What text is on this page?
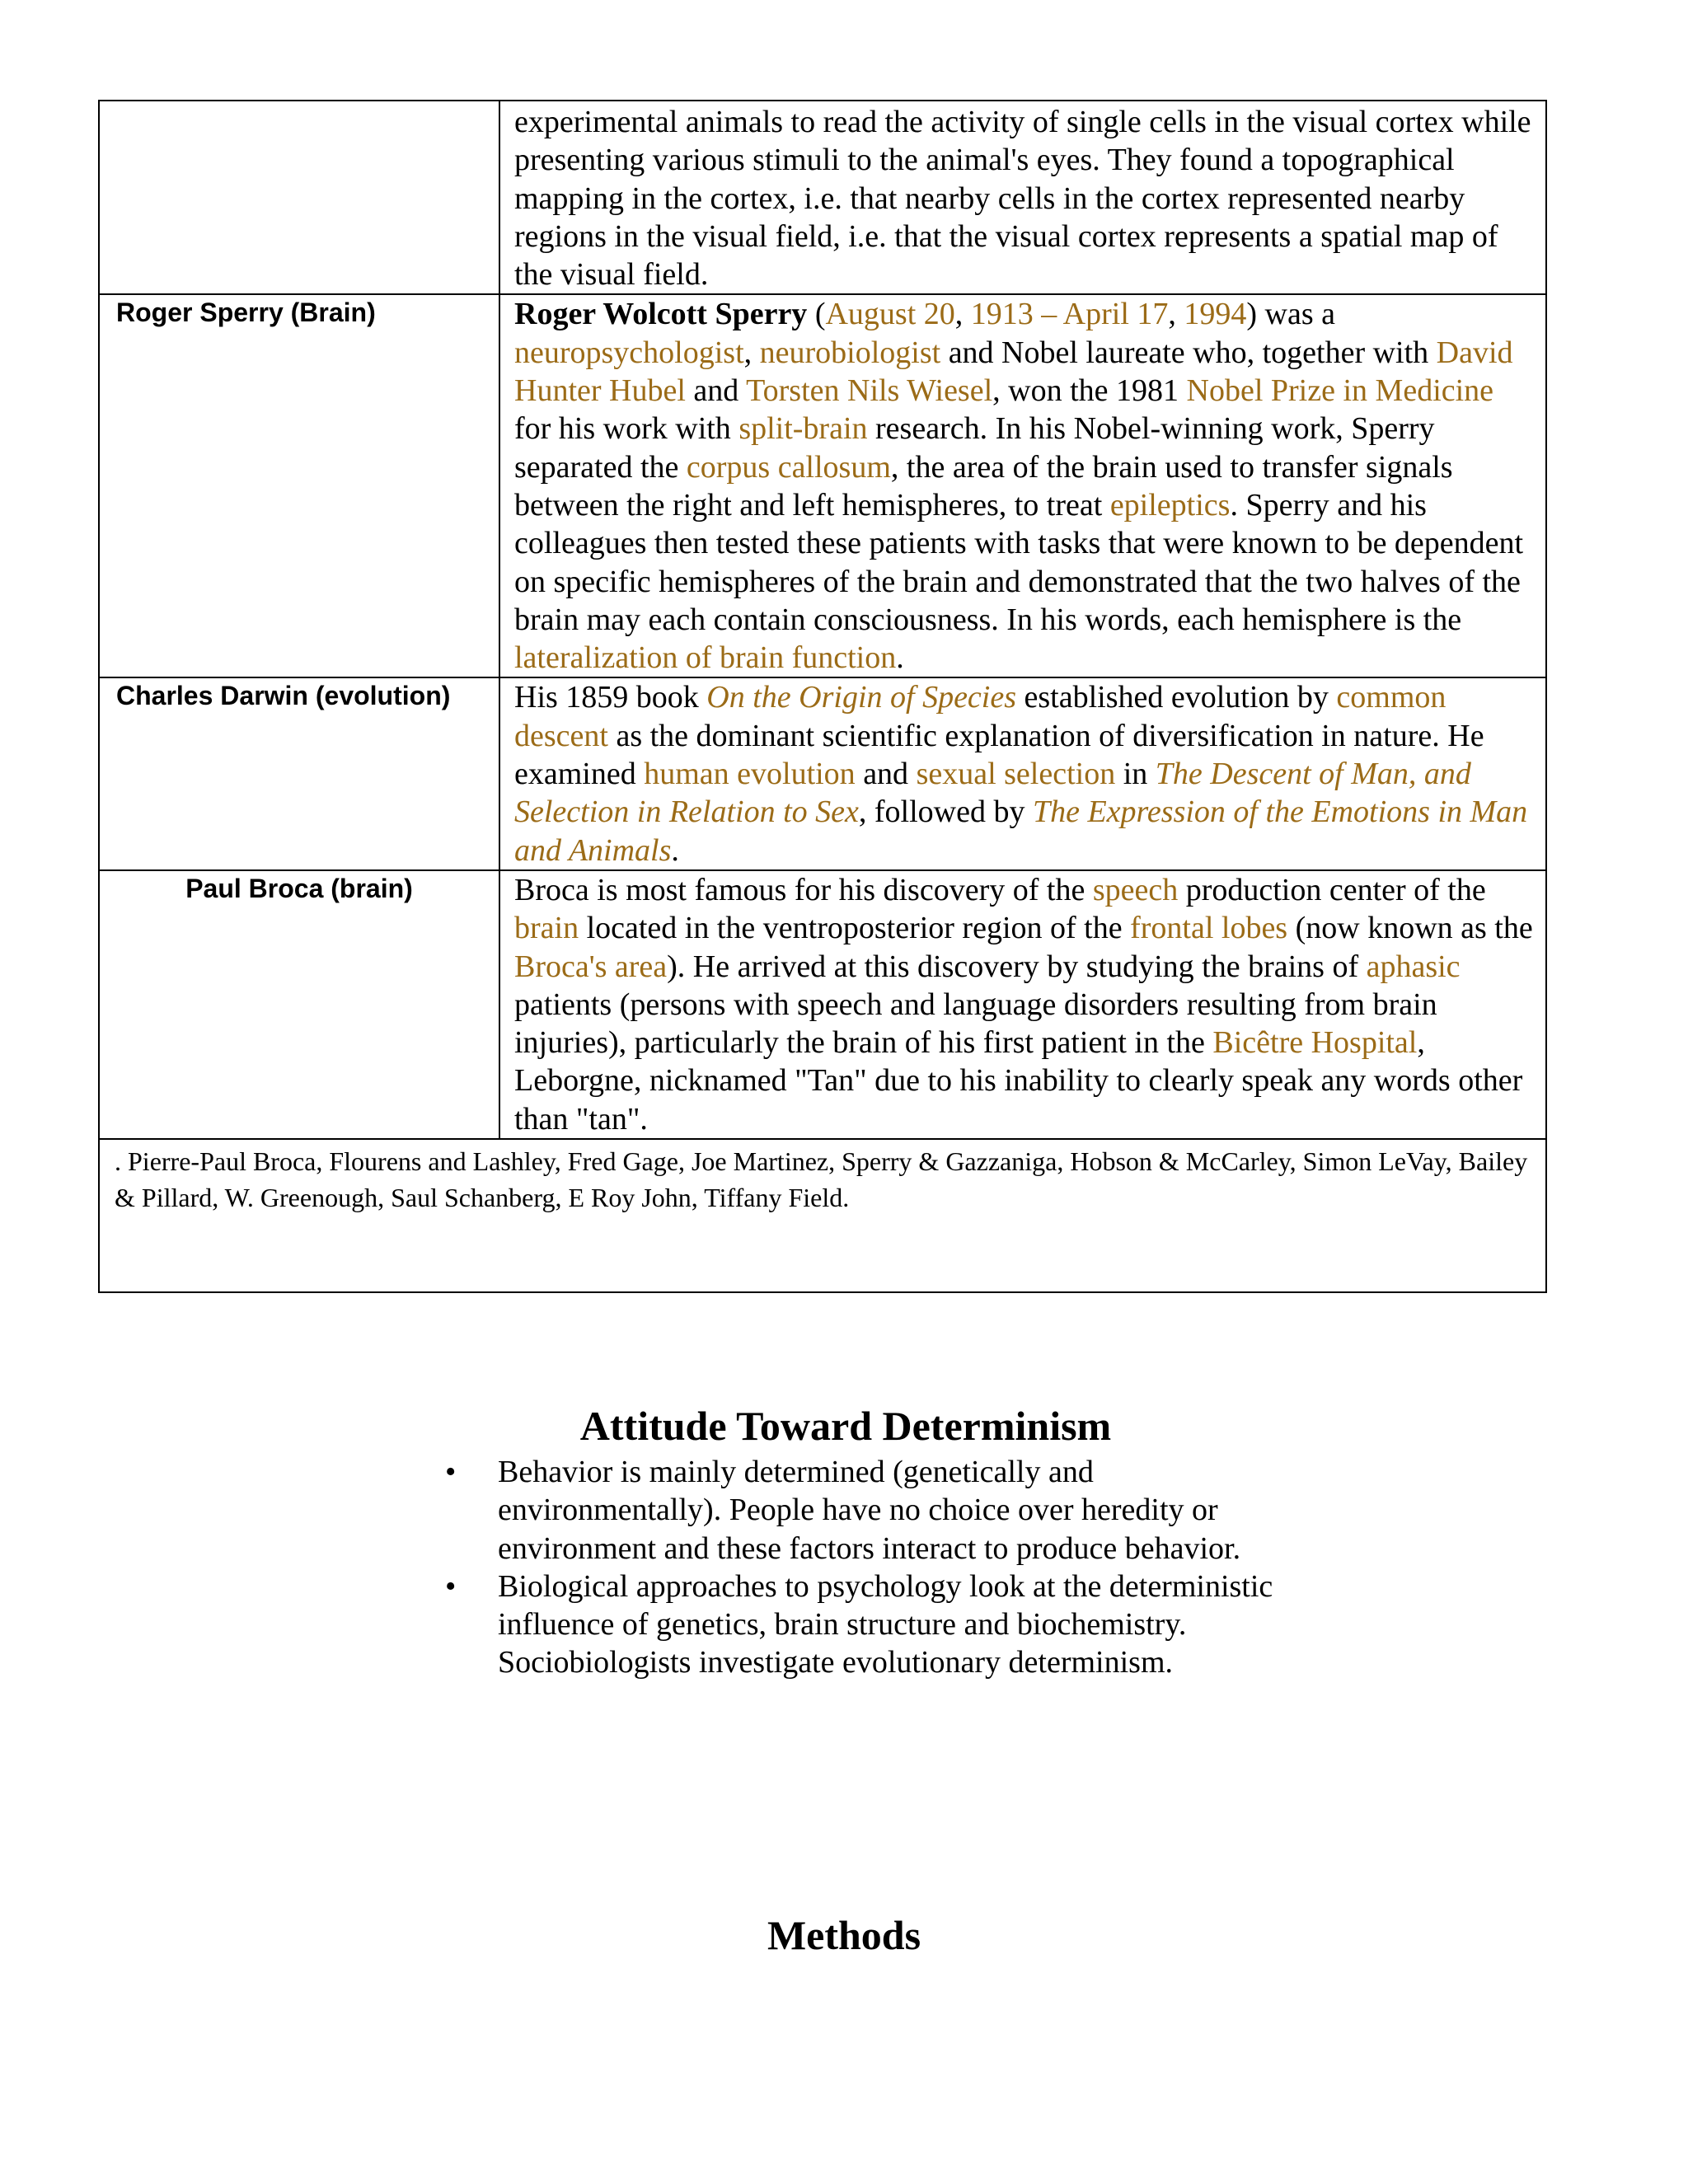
	experimental animals to read the activity of single cells in the visual cortex while presenting various stimuli to the animal's eyes. They found a topographical mapping in the cortex, i.e. that nearby cells in the cortex represented nearby regions in the visual field, i.e. that the visual cortex represents a spatial map of the visual field.

Roger Sperry (Brain)	Roger Wolcott Sperry (August 20, 1913 – April 17, 1994) was a neuropsychologist, neurobiologist and Nobel laureate who, together with David Hunter Hubel and Torsten Nils Wiesel, won the 1981 Nobel Prize in Medicine for his work with split-brain research. In his Nobel-winning work, Sperry separated the corpus callosum, the area of the brain used to transfer signals between the right and left hemispheres, to treat epileptics. Sperry and his colleagues then tested these patients with tasks that were known to be dependent on specific hemispheres of the brain and demonstrated that the two halves of the brain may each contain consciousness. In his words, each hemisphere is the lateralization of brain function.

Charles Darwin (evolution)	His 1859 book On the Origin of Species established evolution by common descent as the dominant scientific explanation of diversification in nature. He examined human evolution and sexual selection in The Descent of Man, and Selection in Relation to Sex, followed by The Expression of the Emotions in Man and Animals.

Paul Broca (brain)	Broca is most famous for his discovery of the speech production center of the brain located in the ventroposterior region of the frontal lobes (now known as the Broca's area). He arrived at this discovery by studying the brains of aphasic patients (persons with speech and language disorders resulting from brain injuries), particularly the brain of his first patient in the Bicêtre Hospital, Leborgne, nicknamed "Tan" due to his inability to clearly speak any words other than "tan".

. Pierre-Paul Broca, Flourens and Lashley, Fred Gage, Joe Martinez, Sperry & Gazzaniga, Hobson & McCarley, Simon LeVay, Bailey & Pillard, W. Greenough, Saul Schanberg, E Roy John, Tiffany Field.	
Attitude Toward Determinism
• Behavior is mainly determined (genetically and environmentally). People have no choice over heredity or environment and these factors interact to produce behavior.
• Biological approaches to psychology look at the deterministic influence of genetics, brain structure and biochemistry. Sociobiologists investigate evolutionary determinism.
Methods
